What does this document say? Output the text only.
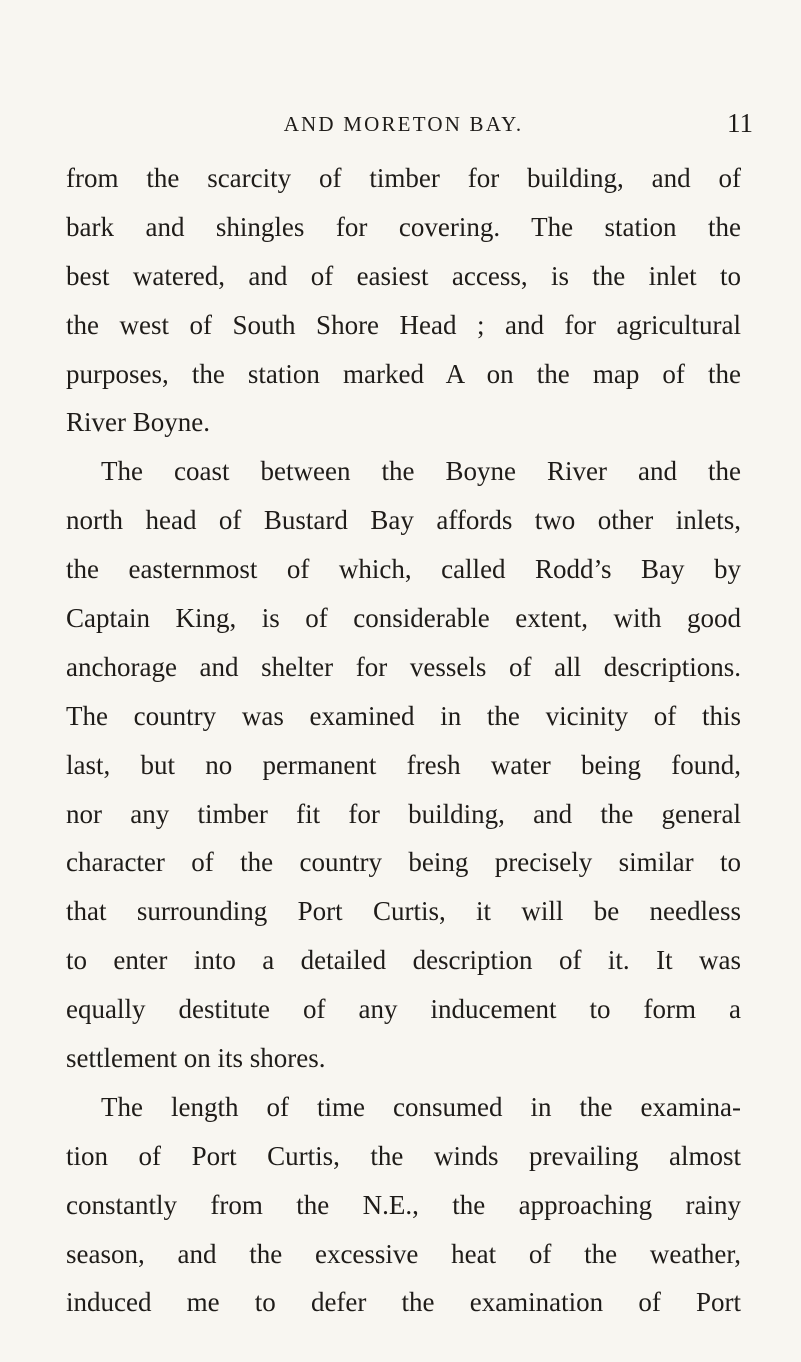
AND MORETON BAY.	11
from the scarcity of timber for building, and of
bark and shingles for covering. The station the
best watered, and of easiest access, is the inlet to
the west of South Shore Head ; and for agricultural
purposes, the station marked A on the map of the
River Boyne.
The coast between the Boyne River and the
north head of Bustard Bay affords two other inlets,
the easternmost of which, called Rodd’s Bay by
Captain King, is of considerable extent, with good
anchorage and shelter for vessels of all descriptions.
The country was examined in the vicinity of this
last, but no permanent fresh water being found,
nor any timber fit for building, and the general
character of the country being precisely similar to
that surrounding Port Curtis, it will be needless
to enter into a detailed description of it. It was
equally destitute of any inducement to form a
settlement on its shores.
The length of time consumed in the examina-
tion of Port Curtis, the winds prevailing almost
constantly from the N.E., the approaching rainy
season, and the excessive heat of the weather,
induced me to defer the examination of Port
